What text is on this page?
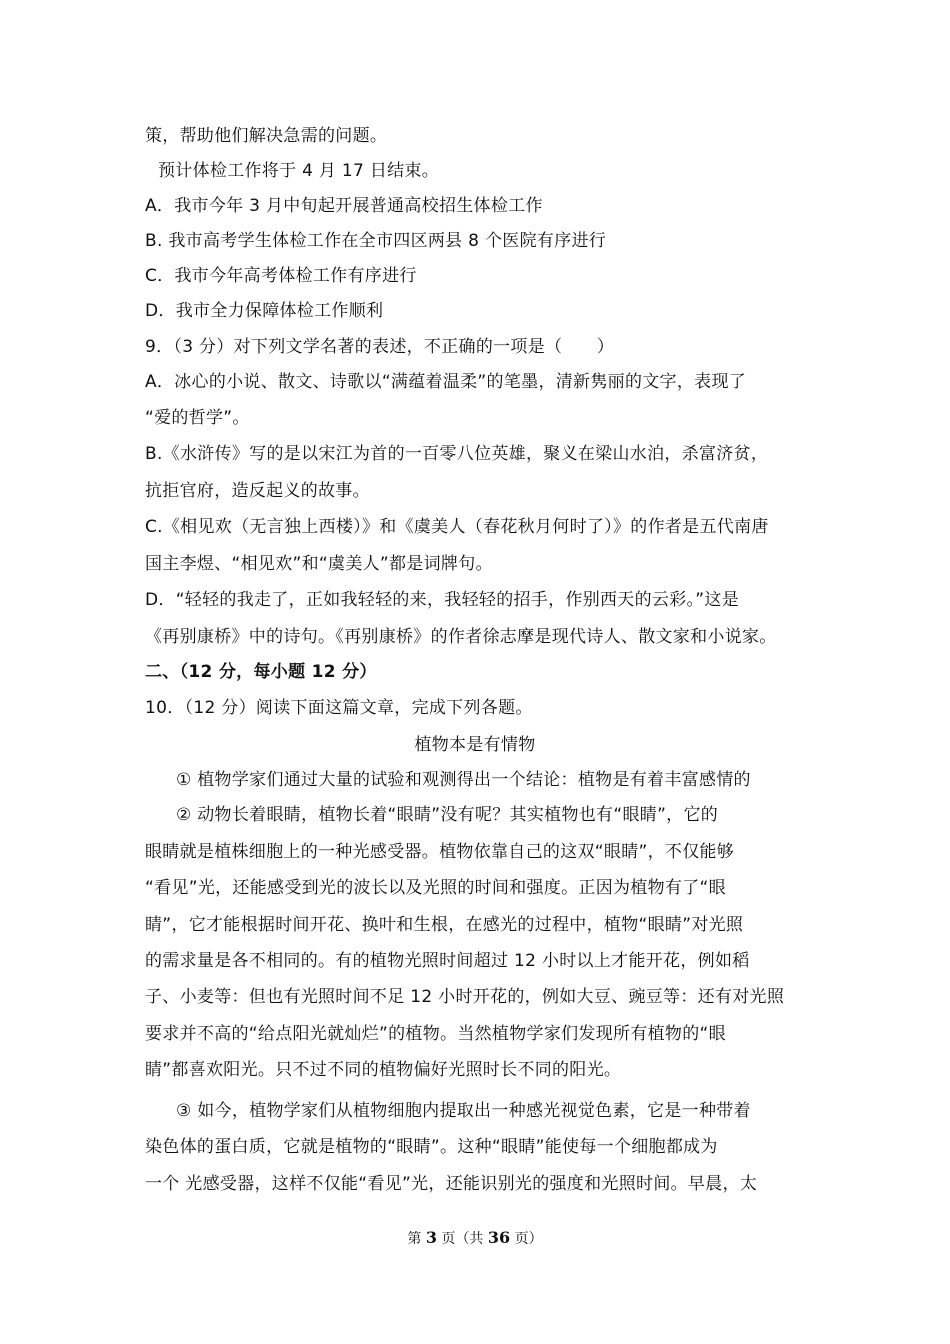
策，帮助他们解决急需的问题。
预计体检工作将于 4 月 17 日结束。
A．我市今年 3 月中旬起开展普通高校招生体检工作
B. 我市高考学生体检工作在全市四区两县 8 个医院有序进行
C．我市今年高考体检工作有序进行
D．我市全力保障体检工作顺利
9．（3 分）对下列文学名著的表述，不正确的一项是（　　）
A．冰心的小说、散文、诗歌以“满蕴着温柔”的笔墨，清新隽丽的文字，表现了
“爱的哲学”。
B.《水浒传》写的是以宋江为首的一百零八位英雄，聚义在梁山水泊，杀富济贫，
抗拒官府，造反起义的故事。
C.《相见欢（无言独上西楼）》和《虞美人（春花秋月何时了）》的作者是五代南唐
国主李煜、“相见欢”和“虞美人”都是词牌句。
D．“轻轻的我走了，正如我轻轻的来，我轻轻的招手，作别西天的云彩。”这是
《再别康桥》中的诗句。《再别康桥》的作者徐志摩是现代诗人、散文家和小说家。
二、（12 分，每小题 12 分）
10．（12 分）阅读下面这篇文章，完成下列各题。
植物本是有情物
① 植物学家们通过大量的试验和观测得出一个结论：植物是有着丰富感情的
② 动物长着眼睛，植物长着“眼睛”没有呢？其实植物也有“眼睛”，它的
眼睛就是植株细胞上的一种光感受器。植物依靠自己的这双“眼睛”，不仅能够
“看见”光，还能感受到光的波长以及光照的时间和强度。正因为植物有了“眼
睛”，它才能根据时间开花、换叶和生根，在感光的过程中，植物“眼睛”对光照
的需求量是各不相同的。有的植物光照时间超过 12 小时以上才能开花，例如稻
子、小麦等：但也有光照时间不足 12 小时开花的，例如大豆、豌豆等：还有对光照
要求并不高的“给点阳光就灿烂”的植物。当然植物学家们发现所有植物的“眼
睛”都喜欢阳光。只不过不同的植物偏好光照时长不同的阳光。
③ 如今，植物学家们从植物细胞内提取出一种感光视觉色素，它是一种带着
染色体的蛋白质，它就是植物的“眼睛”。这种“眼睛”能使每一个细胞都成为
一个 光感受器，这样不仅能“看见”光，还能识别光的强度和光照时间。早晨，太
第 3 页（共 36 页）
